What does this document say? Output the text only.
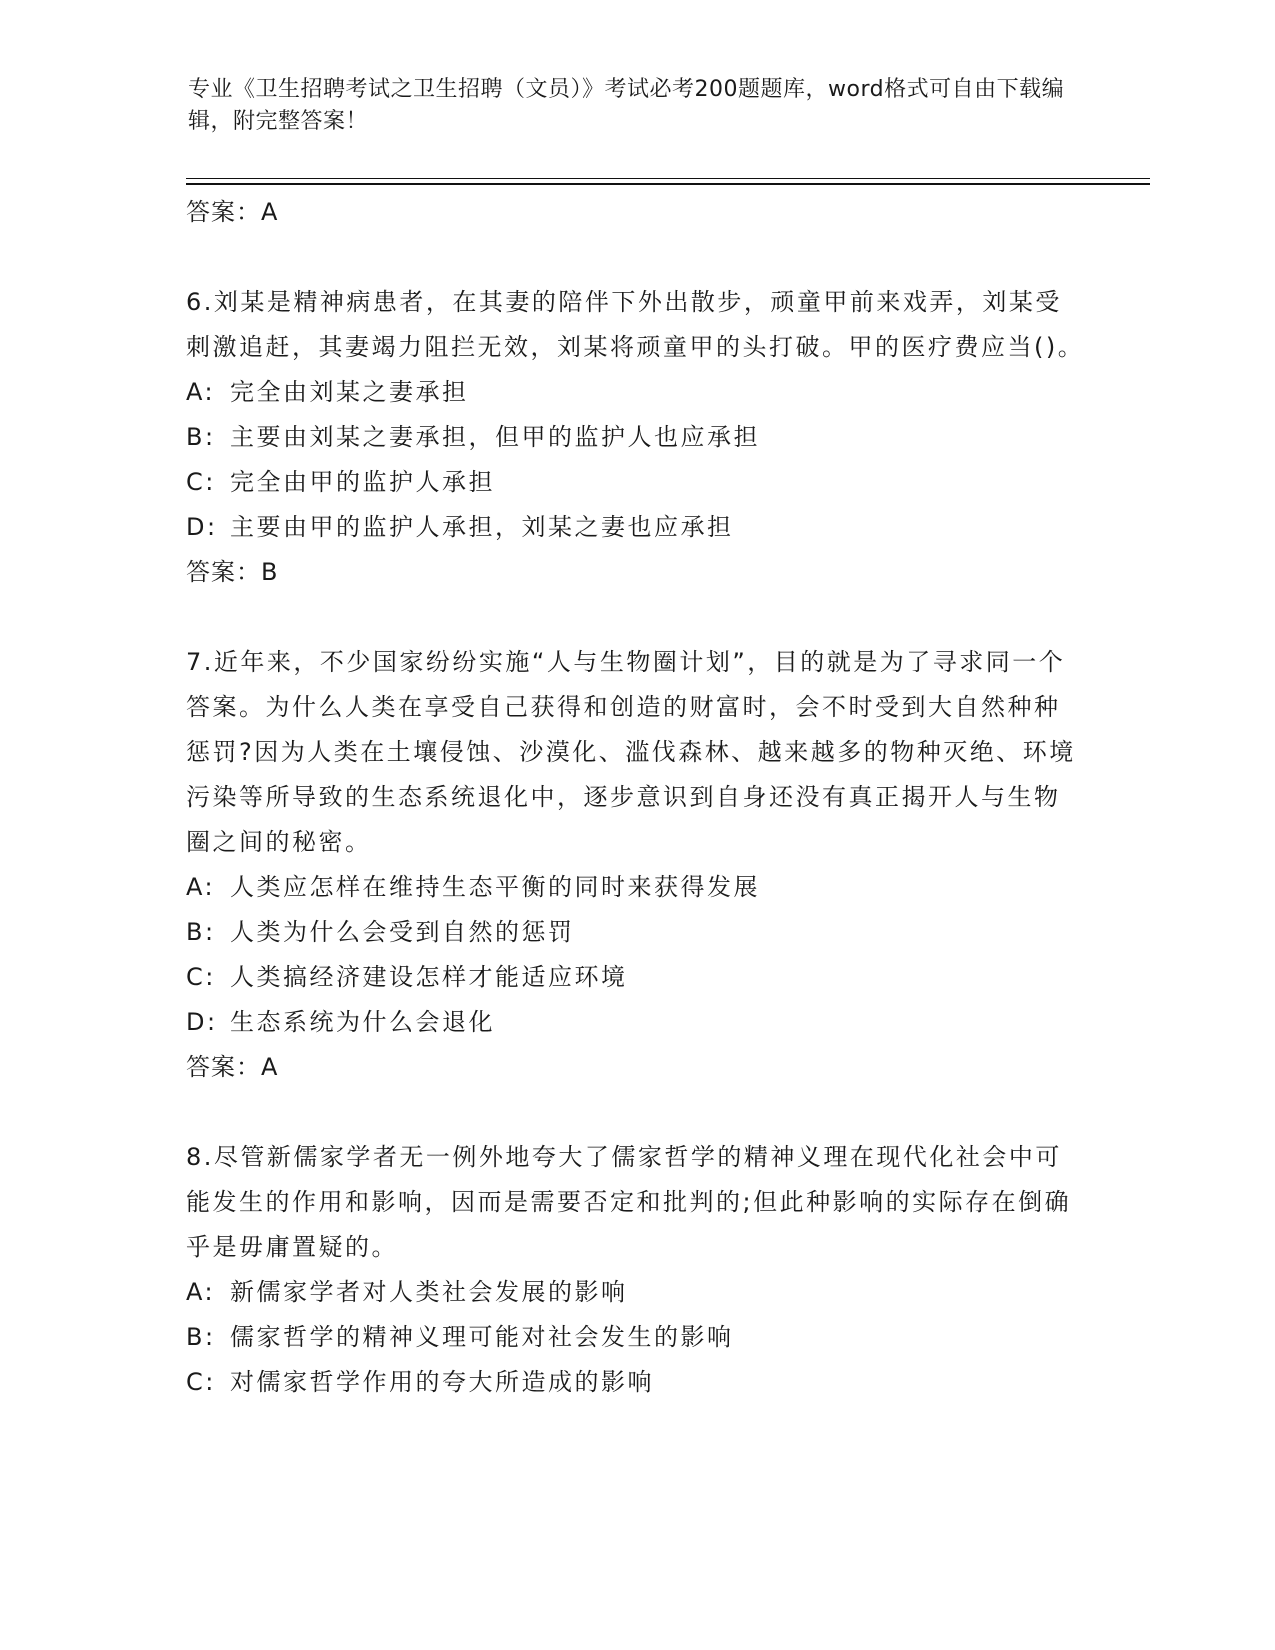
专业《卫生招聘考试之卫生招聘（文员）》考试必考200题题库，word格式可自由下载编辑，附完整答案！
答案：A
6.刘某是精神病患者，在其妻的陪伴下外出散步，顽童甲前来戏弄，刘某受刺激追赶，其妻竭力阻拦无效，刘某将顽童甲的头打破。甲的医疗费应当()。
A: 完全由刘某之妻承担
B: 主要由刘某之妻承担，但甲的监护人也应承担
C: 完全由甲的监护人承担
D: 主要由甲的监护人承担，刘某之妻也应承担
答案：B
7.近年来，不少国家纷纷实施“人与生物圈计划”，目的就是为了寻求同一个答案。为什么人类在享受自己获得和创造的财富时，会不时受到大自然种种惩罚?因为人类在土壤侵蚀、沙漠化、滥伐森林、越来越多的物种灭绝、环境污染等所导致的生态系统退化中，逐步意识到自身还没有真正揭开人与生物圈之间的秘密。
A: 人类应怎样在维持生态平衡的同时来获得发展
B: 人类为什么会受到自然的惩罚
C: 人类搞经济建设怎样才能适应环境
D: 生态系统为什么会退化
答案：A
8.尽管新儒家学者无一例外地夸大了儒家哲学的精神义理在现代化社会中可能发生的作用和影响，因而是需要否定和批判的;但此种影响的实际存在倒确乎是毋庸置疑的。
A: 新儒家学者对人类社会发展的影响
B: 儒家哲学的精神义理可能对社会发生的影响
C: 对儒家哲学作用的夸大所造成的影响
